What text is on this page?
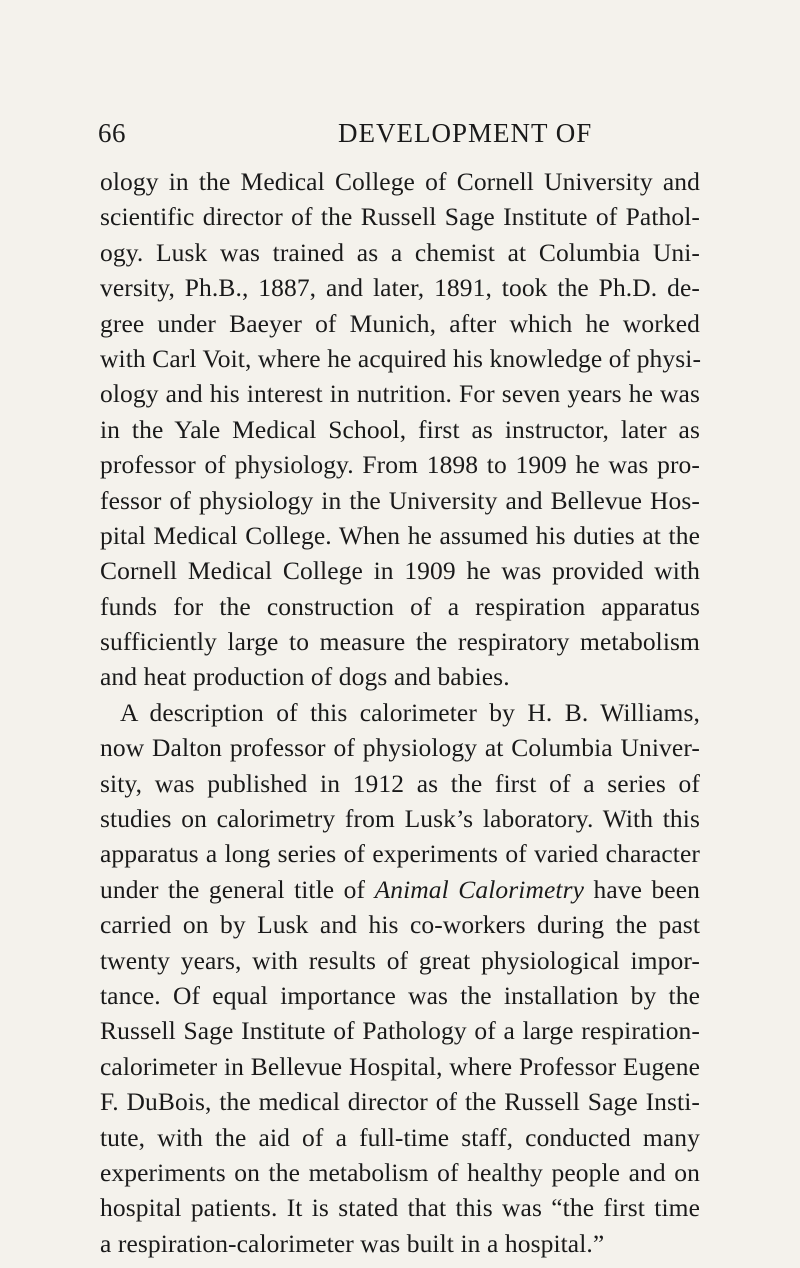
66	DEVELOPMENT OF
ology in the Medical College of Cornell University and
scientific director of the Russell Sage Institute of Pathol-
ogy. Lusk was trained as a chemist at Columbia Uni-
versity, Ph.B., 1887, and later, 1891, took the Ph.D. de-
gree under Baeyer of Munich, after which he worked
with Carl Voit, where he acquired his knowledge of physi-
ology and his interest in nutrition. For seven years he was
in the Yale Medical School, first as instructor, later as
professor of physiology. From 1898 to 1909 he was pro-
fessor of physiology in the University and Bellevue Hos-
pital Medical College. When he assumed his duties at the
Cornell Medical College in 1909 he was provided with
funds for the construction of a respiration apparatus
sufficiently large to measure the respiratory metabolism
and heat production of dogs and babies.
A description of this calorimeter by H. B. Williams,
now Dalton professor of physiology at Columbia Univer-
sity, was published in 1912 as the first of a series of
studies on calorimetry from Lusk’s laboratory. With this
apparatus a long series of experiments of varied character
under the general title of Animal Calorimetry have been
carried on by Lusk and his co-workers during the past
twenty years, with results of great physiological impor-
tance. Of equal importance was the installation by the
Russell Sage Institute of Pathology of a large respiration-
calorimeter in Bellevue Hospital, where Professor Eugene
F. DuBois, the medical director of the Russell Sage Insti-
tute, with the aid of a full-time staff, conducted many
experiments on the metabolism of healthy people and on
hospital patients. It is stated that this was “the first time
a respiration-calorimeter was built in a hospital.”
